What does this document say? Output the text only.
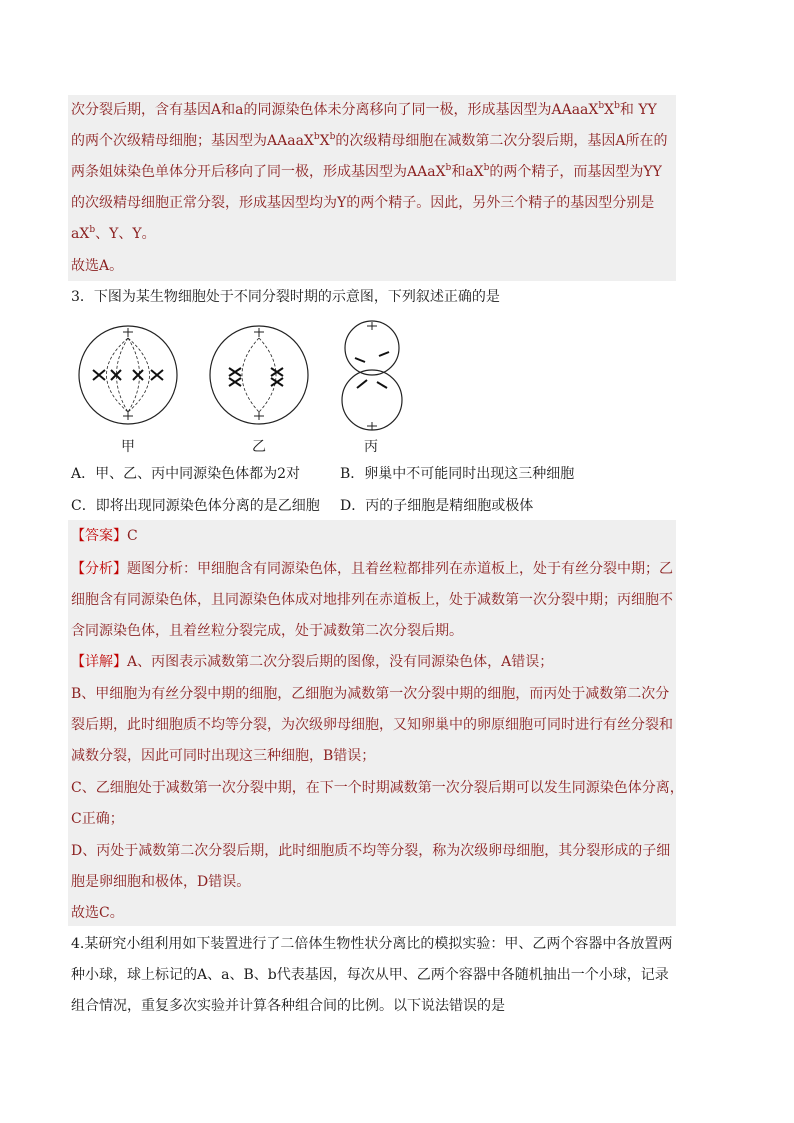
次分裂后期，含有基因A和a的同源染色体未分离移向了同一极，形成基因型为$AAaaX^bX^b$和 YY
的两个次级精母细胞；基因型为$AAaaX^bX^b$的次级精母细胞在减数第二次分裂后期，基因A所在的
两条姐妹染色单体分开后移向了同一极，形成基因型为AAaX$^b$和$aX^b$的两个精子，而基因型为YY
的次级精母细胞正常分裂，形成基因型均为Y的两个精子。因此，另外三个精子的基因型分别是
$aX^b$、Y、Y。
故选A。
3．下图为某生物细胞处于不同分裂时期的示意图，下列叙述正确的是
甲	乙	丙
A．甲、乙、丙中同源染色体都为2对	B．卵巢中不可能同时出现这三种细胞
C．即将出现同源染色体分离的是乙细胞 D．丙的子细胞是精细胞或极体
【答案】C
【分析】题图分析：甲细胞含有同源染色体，且着丝粒都排列在赤道板上，处于有丝分裂中期；乙
细胞含有同源染色体，且同源染色体成对地排列在赤道板上，处于减数第一次分裂中期；丙细胞不
含同源染色体，且着丝粒分裂完成，处于减数第二次分裂后期。
【详解】A、丙图表示减数第二次分裂后期的图像，没有同源染色体，A错误；
B、甲细胞为有丝分裂中期的细胞，乙细胞为减数第一次分裂中期的细胞，而丙处于减数第二次分
裂后期，此时细胞质不均等分裂，为次级卵母细胞，又知卵巢中的卵原细胞可同时进行有丝分裂和
减数分裂，因此可同时出现这三种细胞，B错误；
C、乙细胞处于减数第一次分裂中期，在下一个时期减数第一次分裂后期可以发生同源染色体分离，
C正确；
D、丙处于减数第二次分裂后期，此时细胞质不均等分裂，称为次级卵母细胞，其分裂形成的子细
胞是卵细胞和极体，D错误。
故选C。
4.某研究小组利用如下装置进行了二倍体生物性状分离比的模拟实验：甲、乙两个容器中各放置两
种小球，球上标记的A、a、B、b代表基因，每次从甲、乙两个容器中各随机抽出一个小球，记录
组合情况，重复多次实验并计算各种组合间的比例。以下说法错误的是
